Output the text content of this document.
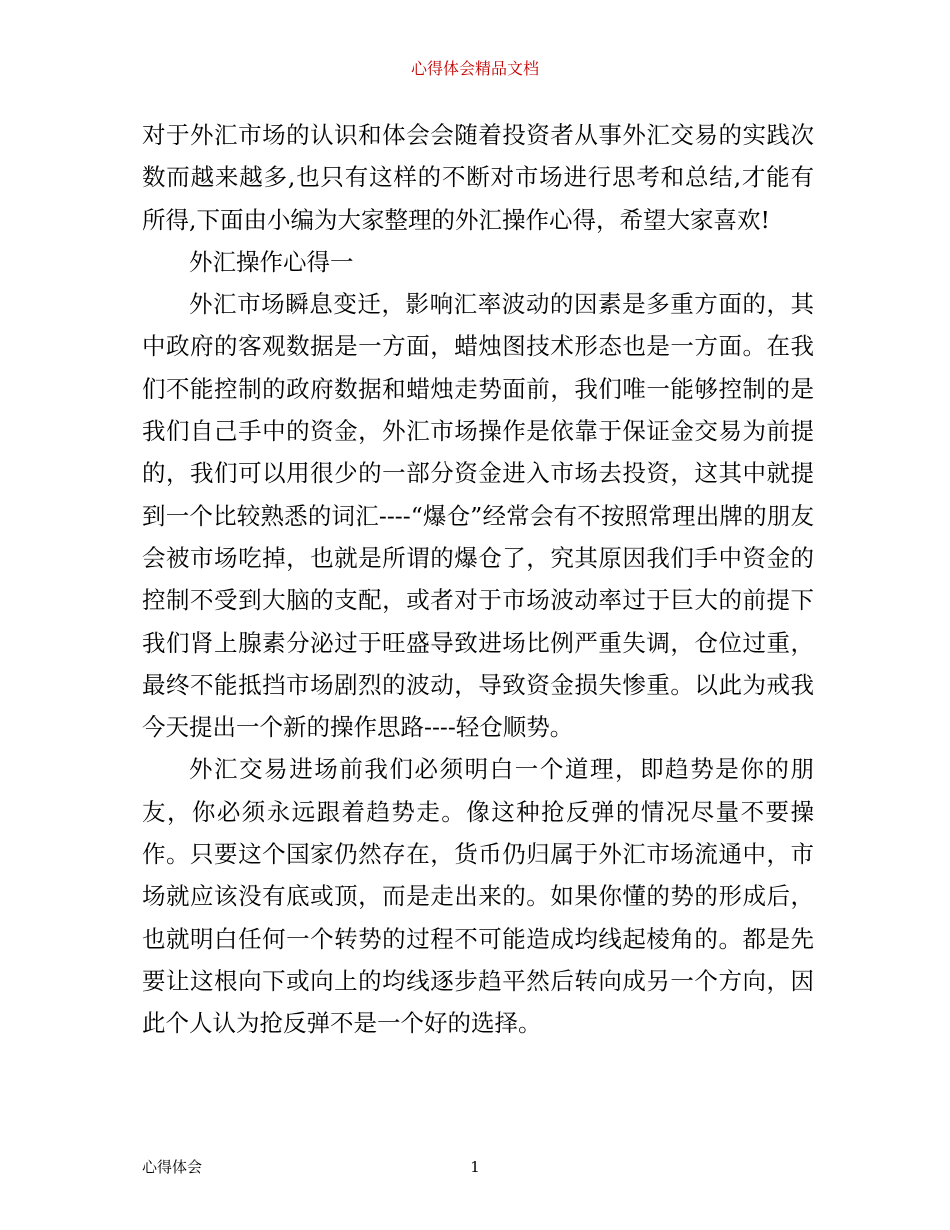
心得体会精品文档

对于外汇市场的认识和体会会随着投资者从事外汇交易的实践次数而越来越多,也只有这样的不断对市场进行思考和总结,才能有所得,下面由小编为大家整理的外汇操作心得，希望大家喜欢!

外汇操作心得一

外汇市场瞬息变迁，影响汇率波动的因素是多重方面的，其中政府的客观数据是一方面，蜡烛图技术形态也是一方面。在我们不能控制的政府数据和蜡烛走势面前，我们唯一能够控制的是我们自己手中的资金，外汇市场操作是依靠于保证金交易为前提的，我们可以用很少的一部分资金进入市场去投资，这其中就提到一个比较熟悉的词汇----“爆仓”经常会有不按照常理出牌的朋友会被市场吃掉，也就是所谓的爆仓了，究其原因我们手中资金的控制不受到大脑的支配，或者对于市场波动率过于巨大的前提下我们肾上腺素分泌过于旺盛导致进场比例严重失调，仓位过重，最终不能抵挡市场剧烈的波动，导致资金损失惨重。以此为戒我今天提出一个新的操作思路----轻仓顺势。

外汇交易进场前我们必须明白一个道理，即趋势是你的朋友，你必须永远跟着趋势走。像这种抢反弹的情况尽量不要操作。只要这个国家仍然存在，货币仍归属于外汇市场流通中，市场就应该没有底或顶，而是走出来的。如果你懂的势的形成后，也就明白任何一个转势的过程不可能造成均线起棱角的。都是先要让这根向下或向上的均线逐步趋平然后转向成另一个方向，因此个人认为抢反弹不是一个好的选择。

心得体会	1
